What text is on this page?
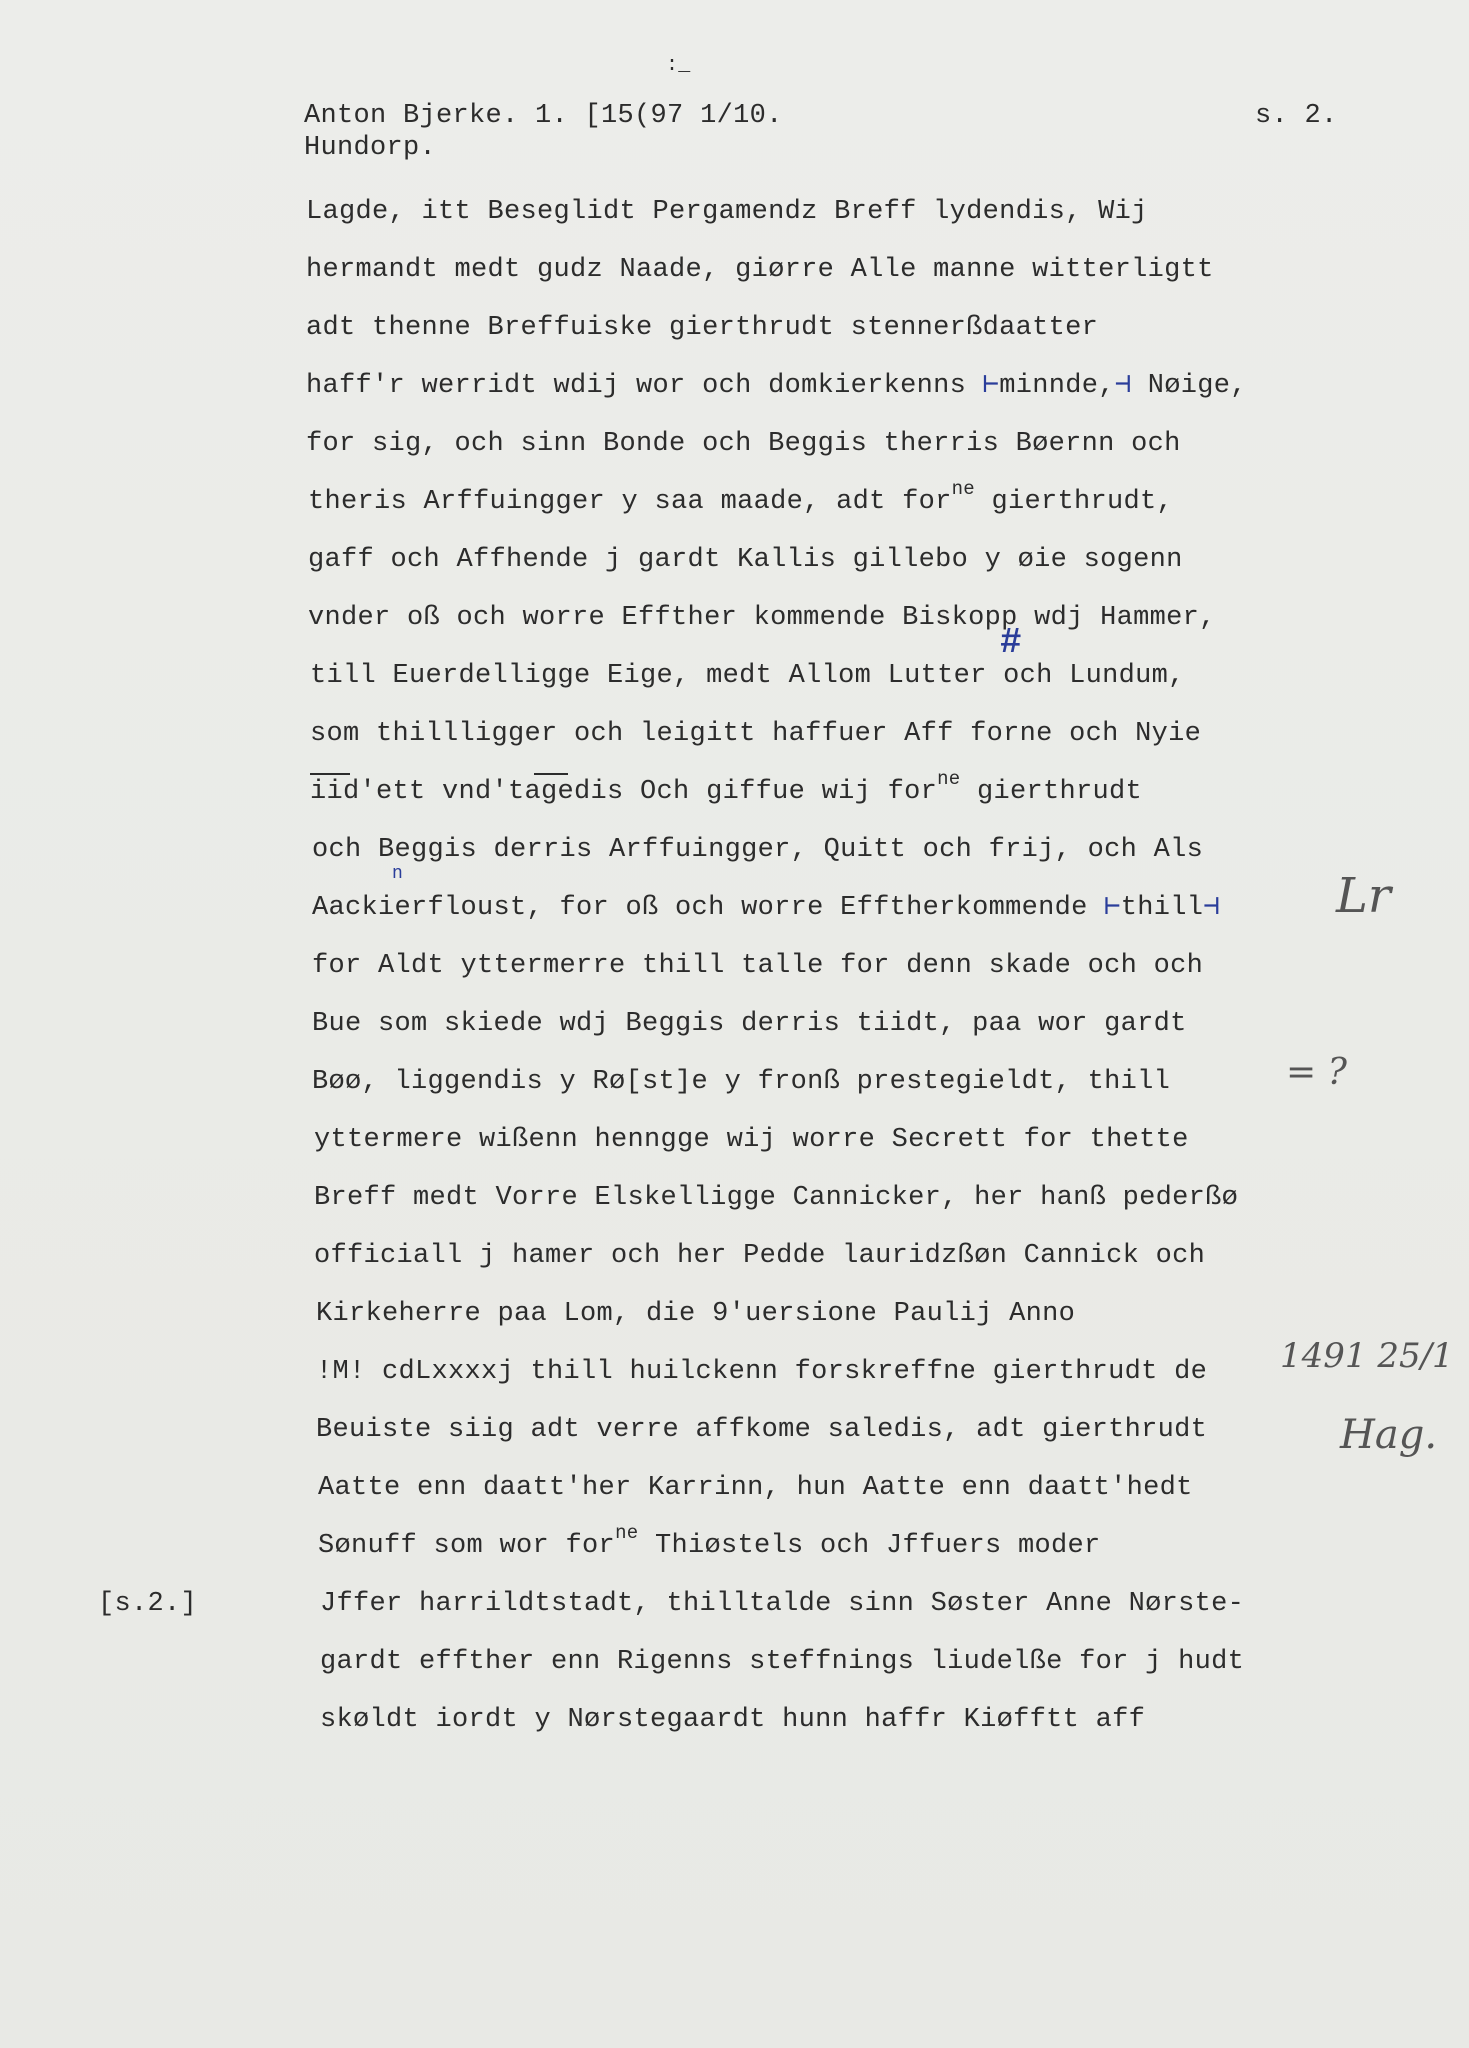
Anton Bjerke. 1. [15(97 1/10.	s. 2.
Hundorp.
:_
Lagde, itt Beseglidt Pergamendz Breff lydendis, Wij
hermandt medt gudz Naade, giørre Alle manne witterligtt
adt thenne Breffuiske gierthrudt stennerßdaatter
haff'r werridt wdij wor och domkierkenns ⊢minnde,⊣ Nøige,
for sig, och sinn Bonde och Beggis therris Bøernn och
theris Arffuingger y saa maade, adt for$^{ne}$ gierthrudt,
gaff och Affhende j gardt Kallis gillebo y øie sogenn
vnder oß och worre Effther kommende Biskopp wdj Hammer,
#
till Euerdelligge Eige, medt Allom Lutter och Lundum,
som thillligger och leigitt haffuer Aff forne och Nyie
iid'ett vnd'tagedis Och giffue wij for$^{ne}$ gierthrudt
och Beggis derris Arffuingger, Quitt och frij, och Als
n
Aackierfloust, for oß och worre Efftherkommende ⊢thill⊣
for Aldt yttermerre thill talle for denn skade och och
Bue som skiede wdj Beggis derris tiidt, paa wor gardt
Bøø, liggendis y Rø[st]e y fronß prestegieldt, thill
yttermere wißenn henngge wij worre Secrett for thette
Breff medt Vorre Elskelligge Cannicker, her hanß pederßø
officiall j hamer och her Pedde lauridzßøn Cannick och
Kirkeherre paa Lom, die 9'uersione Paulij Anno
!M! cdLxxxxj thill huilckenn forskreffne gierthrudt de
Beuiste siig adt verre affkome saledis, adt gierthrudt
Aatte enn daatt'her Karrinn, hun Aatte enn daatt'hedt
Sønuff som wor for$^{ne}$ Thiøstels och Jffuers moder
Jffer harrildtstadt, thilltalde sinn Søster Anne Nørste-
gardt effther enn Rigenns steffnings liudelße for j hudt
skøldt iordt y Nørstegaardt hunn haffr Kiøfftt aff
[s.2.]
Lr
= ?
1491 25/1
Hag.
